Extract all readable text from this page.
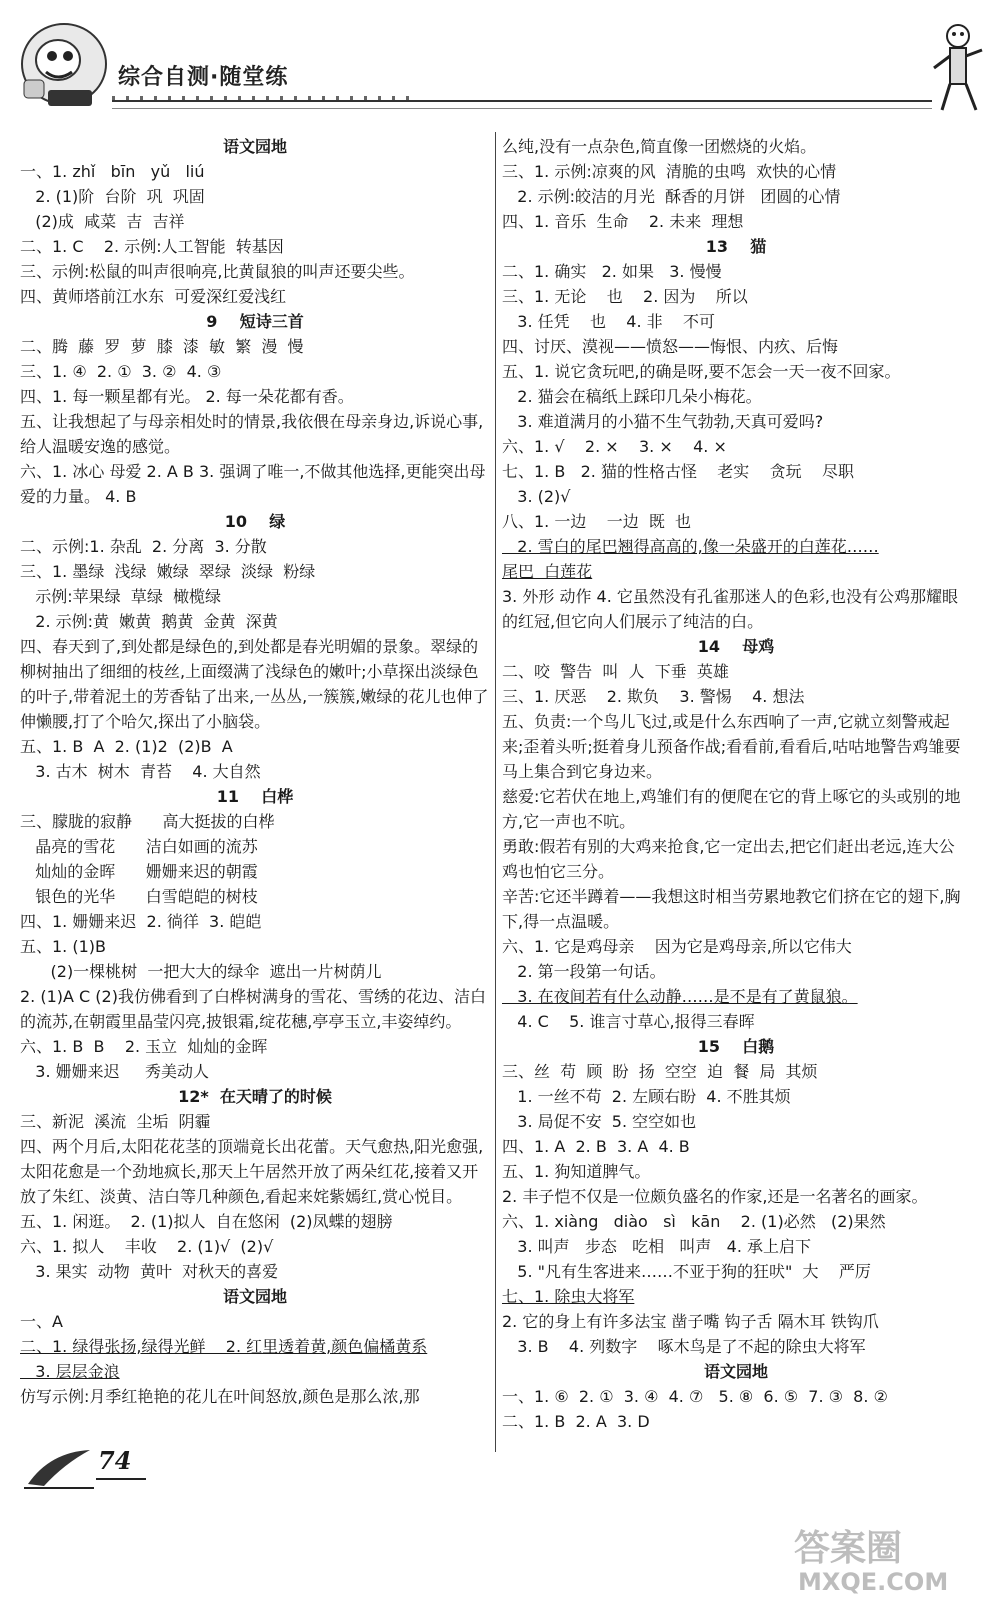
综合自测·随堂练
语文园地
一、1. zhǐ   bīn   yǔ   liú
2. (1)阶  台阶  巩  巩固
(2)成  咸菜  吉  吉祥
二、1. C    2. 示例:人工智能  转基因
三、示例:松鼠的叫声很响亮,比黄鼠狼的叫声还要尖些。
四、黄师塔前江水东  可爱深红爱浅红
9    短诗三首
二、腾  藤  罗  萝  膝  漆  敏  繁  漫  慢
三、1. ④  2. ①  3. ②  4. ③
四、1. 每一颗星都有光。 2. 每一朵花都有香。
五、让我想起了与母亲相处时的情景,我依偎在母亲身边,诉说心事,给人温暖安逸的感觉。
六、1. 冰心 母爱 2. A B 3. 强调了唯一,不做其他选择,更能突出母爱的力量。 4. B
10    绿
二、示例:1. 杂乱  2. 分离  3. 分散
三、1. 墨绿  浅绿  嫩绿  翠绿  淡绿  粉绿
示例:苹果绿  草绿  橄榄绿
2. 示例:黄  嫩黄  鹅黄  金黄  深黄
四、春天到了,到处都是绿色的,到处都是春光明媚的景象。翠绿的柳树抽出了细细的枝丝,上面缀满了浅绿色的嫩叶;小草探出淡绿色的叶子,带着泥土的芳香钻了出来,一丛丛,一簇簇,嫩绿的花儿也伸了伸懒腰,打了个哈欠,探出了小脑袋。
五、1. B  A  2. (1)2  (2)B  A
3. 古木  树木  青苔    4. 大自然
11    白桦
三、朦胧的寂静      高大挺拔的白桦
晶亮的雪花      洁白如画的流苏
灿灿的金晖      姗姗来迟的朝霞
银色的光华      白雪皑皑的树枝
四、1. 姗姗来迟  2. 徜徉  3. 皑皑
五、1. (1)B
(2)一棵桃树  一把大大的绿伞  遮出一片树荫儿
2. (1)A C (2)我仿佛看到了白桦树满身的雪花、雪绣的花边、洁白的流苏,在朝霞里晶莹闪亮,披银霜,绽花穗,亭亭玉立,丰姿绰约。
六、1. B  B    2. 玉立  灿灿的金晖
3. 姗姗来迟     秀美动人
12*  在天晴了的时候
三、新泥  溪流  尘垢  阴霾
四、两个月后,太阳花花茎的顶端竟长出花蕾。天气愈热,阳光愈强,太阳花愈是一个劲地疯长,那天上午居然开放了两朵红花,接着又开放了朱红、淡黄、洁白等几种颜色,看起来姹紫嫣红,赏心悦目。
五、1. 闲逛。  2. (1)拟人  自在悠闲  (2)凤蝶的翅膀
六、1. 拟人    丰收    2. (1)√  (2)√
3. 果实  动物  黄叶  对秋天的喜爱
语文园地
一、A
二、1. 绿得张扬,绿得光鲜    2. 红里透着黄,颜色偏橘黄系
3. 层层金浪
仿写示例:月季红艳艳的花儿在叶间怒放,颜色是那么浓,那
么纯,没有一点杂色,简直像一团燃烧的火焰。
三、1. 示例:凉爽的风  清脆的虫鸣  欢快的心情
2. 示例:皎洁的月光  酥香的月饼   团圆的心情
四、1. 音乐  生命    2. 未来  理想
13    猫
二、1. 确实   2. 如果   3. 慢慢
三、1. 无论    也    2. 因为    所以
3. 任凭    也    4. 非    不可
四、讨厌、漠视——愤怒——悔恨、内疚、后悔
五、1. 说它贪玩吧,的确是呀,要不怎会一天一夜不回家。
2. 猫会在稿纸上踩印几朵小梅花。
3. 难道满月的小猫不生气勃勃,天真可爱吗?
六、1. √    2. ×    3. ×    4. ×
七、1. B   2. 猫的性格古怪    老实    贪玩    尽职
3. (2)√
八、1. 一边    一边  既  也
2. 雪白的尾巴翘得高高的,像一朵盛开的白莲花……
尾巴  白莲花
3. 外形 动作 4. 它虽然没有孔雀那迷人的色彩,也没有公鸡那耀眼的红冠,但它向人们展示了纯洁的白。
14    母鸡
二、咬  警告  叫  人  下垂  英雄
三、1. 厌恶    2. 欺负    3. 警惕    4. 想法
五、负责:一个鸟儿飞过,或是什么东西响了一声,它就立刻警戒起来;歪着头听;挺着身儿预备作战;看看前,看看后,咕咕地警告鸡雏要马上集合到它身边来。
慈爱:它若伏在地上,鸡雏们有的便爬在它的背上啄它的头或别的地方,它一声也不吭。
勇敢:假若有别的大鸡来抢食,它一定出去,把它们赶出老远,连大公鸡也怕它三分。
辛苦:它还半蹲着——我想这时相当劳累地教它们挤在它的翅下,胸下,得一点温暖。
六、1. 它是鸡母亲    因为它是鸡母亲,所以它伟大
2. 第一段第一句话。
3. 在夜间若有什么动静……是不是有了黄鼠狼。
4. C    5. 谁言寸草心,报得三春晖
15    白鹅
三、丝  苟  顾  盼  扬  空空  迫  餐  局  其烦
1. 一丝不苟  2. 左顾右盼  4. 不胜其烦
3. 局促不安  5. 空空如也
四、1. A  2. B  3. A  4. B
五、1. 狗知道脾气。
2. 丰子恺不仅是一位颇负盛名的作家,还是一名著名的画家。
六、1. xiàng   diào   sì   kān    2. (1)必然   (2)果然
3. 叫声   步态   吃相   叫声   4. 承上启下
5. "凡有生客进来……不亚于狗的狂吠"  大    严厉
七、1. 除虫大将军
2. 它的身上有许多法宝 凿子嘴 钩子舌 隔木耳 铁钩爪
3. B    4. 列数字    啄木鸟是了不起的除虫大将军
语文园地
一、1. ⑥  2. ①  3. ④  4. ⑦   5. ⑧  6. ⑤  7. ③  8. ②
二、1. B  2. A  3. D
74
答案圈
MXQE.COM
